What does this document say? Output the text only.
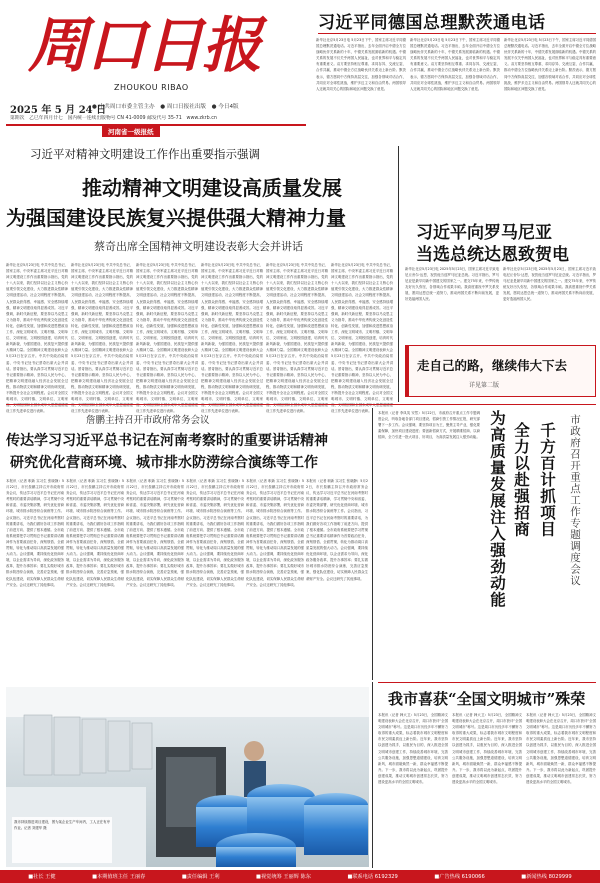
周口日报
ZHOUKOU RIBAO
2025 年 5 月 24 日
● 中共周口市委主管主办　● 周口日报社出版　● 今日4版
第期次　乙巳年四月廿七　国内统一连续出版物号 CN 41-0009 邮发代号 35-71　www.zkrb.cn
河南省一级报纸
习近平同德国总理默茨通电话
新华社北京5月23日电 5月23日下午，国家主席习近平同德国总理默茨通电话。习近平指出，去年全面开启中德全方位战略伙伴关系新的十年，中德关系发展面临新的机遇。中德关系的发展不仅关乎两国人民福祉，也对世界和平与稳定具有重要意义。双方要坚持相互尊重、求同存异、交流互鉴、合作共赢，推动中德全方位战略伙伴关系迈上新台阶。默茨表示，德方愿同中方保持高层交往，加强各领域对话合作，共同应对全球性挑战，维护多边主义和自由贸易。两国领导人还就共同关心的国际和地区问题交换了意见。
新华社北京5月23日电 5月23日下午，国家主席习近平同德国总理默茨通电话。习近平指出，去年全面开启中德全方位战略伙伴关系新的十年，中德关系发展面临新的机遇。中德关系的发展不仅关乎两国人民福祉，也对世界和平与稳定具有重要意义。双方要坚持相互尊重、求同存异、交流互鉴、合作共赢，推动中德全方位战略伙伴关系迈上新台阶。默茨表示，德方愿同中方保持高层交往，加强各领域对话合作，共同应对全球性挑战，维护多边主义和自由贸易。两国领导人还就共同关心的国际和地区问题交换了意见。
新华社北京5月23日电 5月23日下午，国家主席习近平同德国总理默茨通电话。习近平指出，去年全面开启中德全方位战略伙伴关系新的十年，中德关系发展面临新的机遇。中德关系的发展不仅关乎两国人民福祉，也对世界和平与稳定具有重要意义。双方要坚持相互尊重、求同存异、交流互鉴、合作共赢，推动中德全方位战略伙伴关系迈上新台阶。默茨表示，德方愿同中方保持高层交往，加强各领域对话合作，共同应对全球性挑战，维护多边主义和自由贸易。两国领导人还就共同关心的国际和地区问题交换了意见。
习近平对精神文明建设工作作出重要指示强调
推动精神文明建设高质量发展
为强国建设民族复兴提供强大精神力量
蔡奇出席全国精神文明建设表彰大会并讲话
新华社北京5月23日电 中共中央总书记、国家主席、中央军委主席习近平近日对精神文明建设工作作出重要指示指出，党的十八大以来，我们坚持以社会主义核心价值观引领文化建设，大力推进群众性精神文明创建活动，社会文明程度不断提高，人民群众获得感、幸福感、安全感持续增强，精神文明建设取得显著成效。习近平强调，新时代新征程，要坚持以马克思主义为指导，推动中华优秀传统文化创造性转化、创新性发展，加强和改进思想政治工作，深化文明城市、文明村镇、文明单位、文明家庭、文明校园创建，培育时代新风新貌，为强国建设、民族复兴提供强大精神力量。全国精神文明建设表彰大会5月23日在京召开。中共中央政治局常委、中央书记处书记蔡奇出席大会并讲话。蔡奇指出，要认真学习贯彻习近平总书记重要指示精神，坚持以人民为中心，把精神文明建设融入经济社会发展全过程，推动物质文明和精神文明协调发展，不断提升全社会文明程度。会议对全国文明城市、文明村镇、文明单位、文明家 设工作先进单位进行表彰。
新华社北京5月23日电 中共中央总书记、国家主席、中央军委主席习近平近日对精神文明建设工作作出重要指示指出，党的十八大以来，我们坚持以社会主义核心价值观引领文化建设，大力推进群众性精神文明创建活动，社会文明程度不断提高，人民群众获得感、幸福感、安全感持续增强，精神文明建设取得显著成效。习近平强调，新时代新征程，要坚持以马克思主义为指导，推动中华优秀传统文化创造性转化、创新性发展，加强和改进思想政治工作，深化文明城市、文明村镇、文明单位、文明家庭、文明校园创建，培育时代新风新貌，为强国建设、民族复兴提供强大精神力量。全国精神文明建设表彰大会5月23日在京召开。中共中央政治局常委、中央书记处书记蔡奇出席大会并讲话。蔡奇指出，要认真学习贯彻习近平总书记重要指示精神，坚持以人民为中心，把精神文明建设融入经济社会发展全过程，推动物质文明和精神文明协调发展，不断提升全社会文明程度。会议对全国文明城市、文明村镇、文明单位、文明家 设工作先进单位进行表彰。
新华社北京5月23日电 中共中央总书记、国家主席、中央军委主席习近平近日对精神文明建设工作作出重要指示指出，党的十八大以来，我们坚持以社会主义核心价值观引领文化建设，大力推进群众性精神文明创建活动，社会文明程度不断提高，人民群众获得感、幸福感、安全感持续增强，精神文明建设取得显著成效。习近平强调，新时代新征程，要坚持以马克思主义为指导，推动中华优秀传统文化创造性转化、创新性发展，加强和改进思想政治工作，深化文明城市、文明村镇、文明单位、文明家庭、文明校园创建，培育时代新风新貌，为强国建设、民族复兴提供强大精神力量。全国精神文明建设表彰大会5月23日在京召开。中共中央政治局常委、中央书记处书记蔡奇出席大会并讲话。蔡奇指出，要认真学习贯彻习近平总书记重要指示精神，坚持以人民为中心，把精神文明建设融入经济社会发展全过程，推动物质文明和精神文明协调发展，不断提升全社会文明程度。会议对全国文明城市、文明村镇、文明单位、文明家 设工作先进单位进行表彰。
新华社北京5月23日电 中共中央总书记、国家主席、中央军委主席习近平近日对精神文明建设工作作出重要指示指出，党的十八大以来，我们坚持以社会主义核心价值观引领文化建设，大力推进群众性精神文明创建活动，社会文明程度不断提高，人民群众获得感、幸福感、安全感持续增强，精神文明建设取得显著成效。习近平强调，新时代新征程，要坚持以马克思主义为指导，推动中华优秀传统文化创造性转化、创新性发展，加强和改进思想政治工作，深化文明城市、文明村镇、文明单位、文明家庭、文明校园创建，培育时代新风新貌，为强国建设、民族复兴提供强大精神力量。全国精神文明建设表彰大会5月23日在京召开。中共中央政治局常委、中央书记处书记蔡奇出席大会并讲话。蔡奇指出，要认真学习贯彻习近平总书记重要指示精神，坚持以人民为中心，把精神文明建设融入经济社会发展全过程，推动物质文明和精神文明协调发展，不断提升全社会文明程度。会议对全国文明城市、文明村镇、文明单位、文明家 设工作先进单位进行表彰。
新华社北京5月23日电 中共中央总书记、国家主席、中央军委主席习近平近日对精神文明建设工作作出重要指示指出，党的十八大以来，我们坚持以社会主义核心价值观引领文化建设，大力推进群众性精神文明创建活动，社会文明程度不断提高，人民群众获得感、幸福感、安全感持续增强，精神文明建设取得显著成效。习近平强调，新时代新征程，要坚持以马克思主义为指导，推动中华优秀传统文化创造性转化、创新性发展，加强和改进思想政治工作，深化文明城市、文明村镇、文明单位、文明家庭、文明校园创建，培育时代新风新貌，为强国建设、民族复兴提供强大精神力量。全国精神文明建设表彰大会5月23日在京召开。中共中央政治局常委、中央书记处书记蔡奇出席大会并讲话。蔡奇指出，要认真学习贯彻习近平总书记重要指示精神，坚持以人民为中心，把精神文明建设融入经济社会发展全过程，推动物质文明和精神文明协调发展，不断提升全社会文明程度。会议对全国文明城市、文明村镇、文明单位、文明家 设工作先进单位进行表彰。
新华社北京5月23日电 中共中央总书记、国家主席、中央军委主席习近平近日对精神文明建设工作作出重要指示指出，党的十八大以来，我们坚持以社会主义核心价值观引领文化建设，大力推进群众性精神文明创建活动，社会文明程度不断提高，人民群众获得感、幸福感、安全感持续增强，精神文明建设取得显著成效。习近平强调，新时代新征程，要坚持以马克思主义为指导，推动中华优秀传统文化创造性转化、创新性发展，加强和改进思想政治工作，深化文明城市、文明村镇、文明单位、文明家庭、文明校园创建，培育时代新风新貌，为强国建设、民族复兴提供强大精神力量。全国精神文明建设表彰大会5月23日在京召开。中共中央政治局常委、中央书记处书记蔡奇出席大会并讲话。蔡奇指出，要认真学习贯彻习近平总书记重要指示精神，坚持以人民为中心，把精神文明建设融入经济社会发展全过程，推动物质文明和精神文明协调发展，不断提升全社会文明程度。会议对全国文明城市、文明村镇、文明单位、文明家 设工作先进单位进行表彰。
习近平向罗马尼亚
当选总统达恩致贺电
新华社北京5月23日电 2025年5月23日，国家主席习近平致电尼丘舍尔·达恩，祝贺他当选罗马尼亚总统。习近平指出，罗马尼亚是最早同新中国建交的国家之一。建交75年来，中罗传统友好历久弥坚，各领域合作成果丰硕。我高度重视中罗关系发展，愿同达恩总统一道努力，推动两国关系不断向前发展，更好造福两国人民。
新华社北京5月23日电 2025年5月23日，国家主席习近平致电尼丘舍尔·达恩，祝贺他当选罗马尼亚总统。习近平指出，罗马尼亚是最早同新中国建交的国家之一。建交75年来，中罗传统友好历久弥坚，各领域合作成果丰硕。我高度重视中罗关系发展，愿同达恩总统一道努力，推动两国关系不断向前发展，更好造福两国人民。
走自己的路，继续伟大下去
详见第二版
詹鹏主持召开市政府常务会议
传达学习习近平总书记在河南考察时的重要讲话精神
研究优化营商环境、城市排水防涝综合演练等工作
本报讯（记者 职新 实习生 张晓静）5月22日，市长詹鹏主持召开市政府常务会议，传达学习习近平总书记在河南考察时的重要讲话精神，学习贯彻中央和省委、市委决策部署，研究优化营商环境、城市排水防涝综合演练等工作。会议指出，习近平总书记在河南考察时的重要讲话，为我们做好各项工作指明了前进方向、提供了根本遵循。全市政府系统要把学习贯彻总书记重要讲话精神作为首要政治任务，深刻领悟、全面贯彻，转化为推动周口高质量发展的强大动力。会议强调，要持续优化营商环境，以企业需求为导向，深化政务服务改革，提升办事效率；要扎实做好城市排水防涝综合演练，完善应急预案，强化队伍建设，切实保障人民群众生命财产安全。会议还研究了其他事项。
本报讯（记者 职新 实习生 张晓静）5月22日，市长詹鹏主持召开市政府常务会议，传达学习习近平总书记在河南考察时的重要讲话精神，学习贯彻中央和省委、市委决策部署，研究优化营商环境、城市排水防涝综合演练等工作。会议指出，习近平总书记在河南考察时的重要讲话，为我们做好各项工作指明了前进方向、提供了根本遵循。全市政府系统要把学习贯彻总书记重要讲话精神作为首要政治任务，深刻领悟、全面贯彻，转化为推动周口高质量发展的强大动力。会议强调，要持续优化营商环境，以企业需求为导向，深化政务服务改革，提升办事效率；要扎实做好城市排水防涝综合演练，完善应急预案，强化队伍建设，切实保障人民群众生命财产安全。会议还研究了其他事项。
本报讯（记者 职新 实习生 张晓静）5月22日，市长詹鹏主持召开市政府常务会议，传达学习习近平总书记在河南考察时的重要讲话精神，学习贯彻中央和省委、市委决策部署，研究优化营商环境、城市排水防涝综合演练等工作。会议指出，习近平总书记在河南考察时的重要讲话，为我们做好各项工作指明了前进方向、提供了根本遵循。全市政府系统要把学习贯彻总书记重要讲话精神作为首要政治任务，深刻领悟、全面贯彻，转化为推动周口高质量发展的强大动力。会议强调，要持续优化营商环境，以企业需求为导向，深化政务服务改革，提升办事效率；要扎实做好城市排水防涝综合演练，完善应急预案，强化队伍建设，切实保障人民群众生命财产安全。会议还研究了其他事项。
本报讯（记者 职新 实习生 张晓静）5月22日，市长詹鹏主持召开市政府常务会议，传达学习习近平总书记在河南考察时的重要讲话精神，学习贯彻中央和省委、市委决策部署，研究优化营商环境、城市排水防涝综合演练等工作。会议指出，习近平总书记在河南考察时的重要讲话，为我们做好各项工作指明了前进方向、提供了根本遵循。全市政府系统要把学习贯彻总书记重要讲话精神作为首要政治任务，深刻领悟、全面贯彻，转化为推动周口高质量发展的强大动力。会议强调，要持续优化营商环境，以企业需求为导向，深化政务服务改革，提升办事效率；要扎实做好城市排水防涝综合演练，完善应急预案，强化队伍建设，切实保障人民群众生命财产安全。会议还研究了其他事项。
本报讯（记者 职新 实习生 张晓静）5月22日，市长詹鹏主持召开市政府常务会议，传达学习习近平总书记在河南考察时的重要讲话精神，学习贯彻中央和省委、市委决策部署，研究优化营商环境、城市排水防涝综合演练等工作。会议指出，习近平总书记在河南考察时的重要讲话，为我们做好各项工作指明了前进方向、提供了根本遵循。全市政府系统要把学习贯彻总书记重要讲话精神作为首要政治任务，深刻领悟、全面贯彻，转化为推动周口高质量发展的强大动力。会议强调，要持续优化营商环境，以企业需求为导向，深化政务服务改革，提升办事效率；要扎实做好城市排水防涝综合演练，完善应急预案，强化队伍建设，切实保障人民群众生命财产安全。会议还研究了其他事项。
本报讯（记者 职新 实习生 张晓静）5月22日，市长詹鹏主持召开市政府常务会议，传达学习习近平总书记在河南考察时的重要讲话精神，学习贯彻中央和省委、市委决策部署，研究优化营商环境、城市排水防涝综合演练等工作。会议指出，习近平总书记在河南考察时的重要讲话，为我们做好各项工作指明了前进方向、提供了根本遵循。全市政府系统要把学习贯彻总书记重要讲话精神作为首要政治任务，深刻领悟、全面贯彻，转化为推动周口高质量发展的强大动力。会议强调，要持续优化营商环境，以企业需求为导向，深化政务服务改革，提升办事效率；要扎实做好城市排水防涝综合演练，完善应急预案，强化队伍建设，切实保障人民群众生命财产安全。会议还研究了其他事项。
本报讯（记者 李凤英 安然）5月22日，市政府召开重点工作专题调度会议，听取各地各部门项目建设、招商引资工作情况汇报，研究部署下一步工作。会议强调，要坚持项目为王，聚焦主导产业，强化要素保障，加快项目建设进度；要创新招商方式，开展精准招商、以商招商，全力引进一批大项目、好项目，为高质量发展注入强劲动能。 为高质量发展注入强劲动能 全力以赴强招商 千方百计抓项目 市政府召开重点工作专题调度会议
我市持续推进项目建设，图为某企业生产车间内，工人正在有序作业。记者 刘建华 摄
我市喜获“全国文明城市”殊荣
本报讯（记者 韩大卫）5月23日，全国精神文明建设表彰大会在北京召开，周口市获评“全国文明城市”称号。这是周口市历经多年不懈努力取得的重大成果，标志着我市城市文明程度和市民文明素质迈上新台阶。近年来，我市坚持以创建为抓手，以惠民为目的，深入推进全国文明城市创建工作，持续改善城市环境，完善公共服务设施，加强思想道德建设，培育文明新风，城市面貌焕然一新，群众幸福感不断提升。下一步，我市将以此为新起点，巩固提升创建成果，推动文明城市创建常态长效，努力建设更高水平的全国文明城市。
本报讯（记者 韩大卫）5月23日，全国精神文明建设表彰大会在北京召开，周口市获评“全国文明城市”称号。这是周口市历经多年不懈努力取得的重大成果，标志着我市城市文明程度和市民文明素质迈上新台阶。近年来，我市坚持以创建为抓手，以惠民为目的，深入推进全国文明城市创建工作，持续改善城市环境，完善公共服务设施，加强思想道德建设，培育文明新风，城市面貌焕然一新，群众幸福感不断提升。下一步，我市将以此为新起点，巩固提升创建成果，推动文明城市创建常态长效，努力建设更高水平的全国文明城市。
本报讯（记者 韩大卫）5月23日，全国精神文明建设表彰大会在北京召开，周口市获评“全国文明城市”称号。这是周口市历经多年不懈努力取得的重大成果，标志着我市城市文明程度和市民文明素质迈上新台阶。近年来，我市坚持以创建为抓手，以惠民为目的，深入推进全国文明城市创建工作，持续改善城市环境，完善公共服务设施，加强思想道德建设，培育文明新风，城市面貌焕然一新，群众幸福感不断提升。下一步，我市将以此为新起点，巩固提升创建成果，推动文明城市创建常态长效，努力建设更高水平的全国文明城市。
■社长 王健	■本期值班主任 王丽春	■责任编辑 王利	■视觉统筹 王丽辉 陈东	■联系电话 6192329	■广告热线 6190066	■新闻热线 8029999
